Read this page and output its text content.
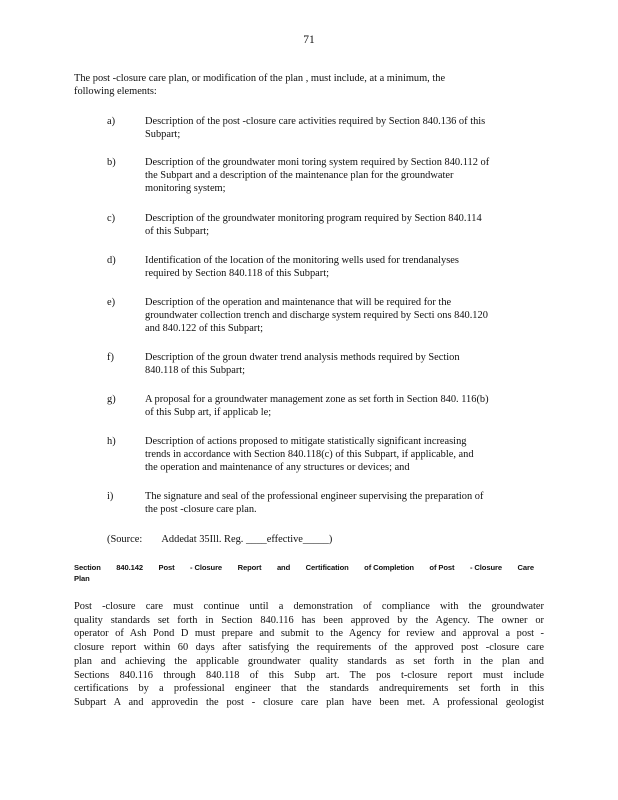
71
The post -closure care plan, or modification of the plan , must include, at a minimum, the
following elements:
a)	Description of the post -closure care activities required by Section 840.136 of this
Subpart;
b)	Description of the groundwater moni toring system required by Section 840.112 of
the Subpart and a description of the maintenance plan for the groundwater
monitoring system;
c)	Description of the groundwater monitoring program required by Section 840.114
of this Subpart;
d)	Identification of the location of the monitoring wells used for trendanalyses
required by Section 840.118 of this Subpart;
e)	Description of the operation and maintenance that will be required for the
groundwater collection trench and discharge system required by Secti ons 840.120
and 840.122 of this Subpart;
f)	Description of the groun dwater trend analysis methods required by Section
840.118 of this Subpart;
g)	A proposal for a groundwater management zone as set forth in Section 840. 116(b)
of this Subp art, if applicab le;
h)	Description of actions proposed to mitigate statistically significant increasing
trends in accordance with Section 840.118(c) of this Subpart, if applicable, and
the operation and maintenance of any structures or devices; and
i)	The signature and seal of the professional engineer supervising the preparation of
the post -closure care plan.
(Source: Addedat 35Ill. Reg. ____effective_____)
Section 840.142 Post - Closure Report and Certification of Completion of Post - Closure Care
Plan
Post -closure care must continue until a demonstration of compliance with the groundwater
quality standards set forth in Section 840.116 has been approved by the Agency. The owner or
operator of Ash Pond D must prepare and submit to the Agency for review and approval a post -
closure report within 60 days after satisfying the requirements of the approved post -closure care
plan and achieving the applicable groundwater quality standards as set forth in the plan and
Sections 840.116 through 840.118 of this Subp art. The pos t-closure report must include
certifications by a professional engineer that the standards andrequirements set forth in this
Subpart A and approvedin the post - closure care plan have been met. A professional geologist
